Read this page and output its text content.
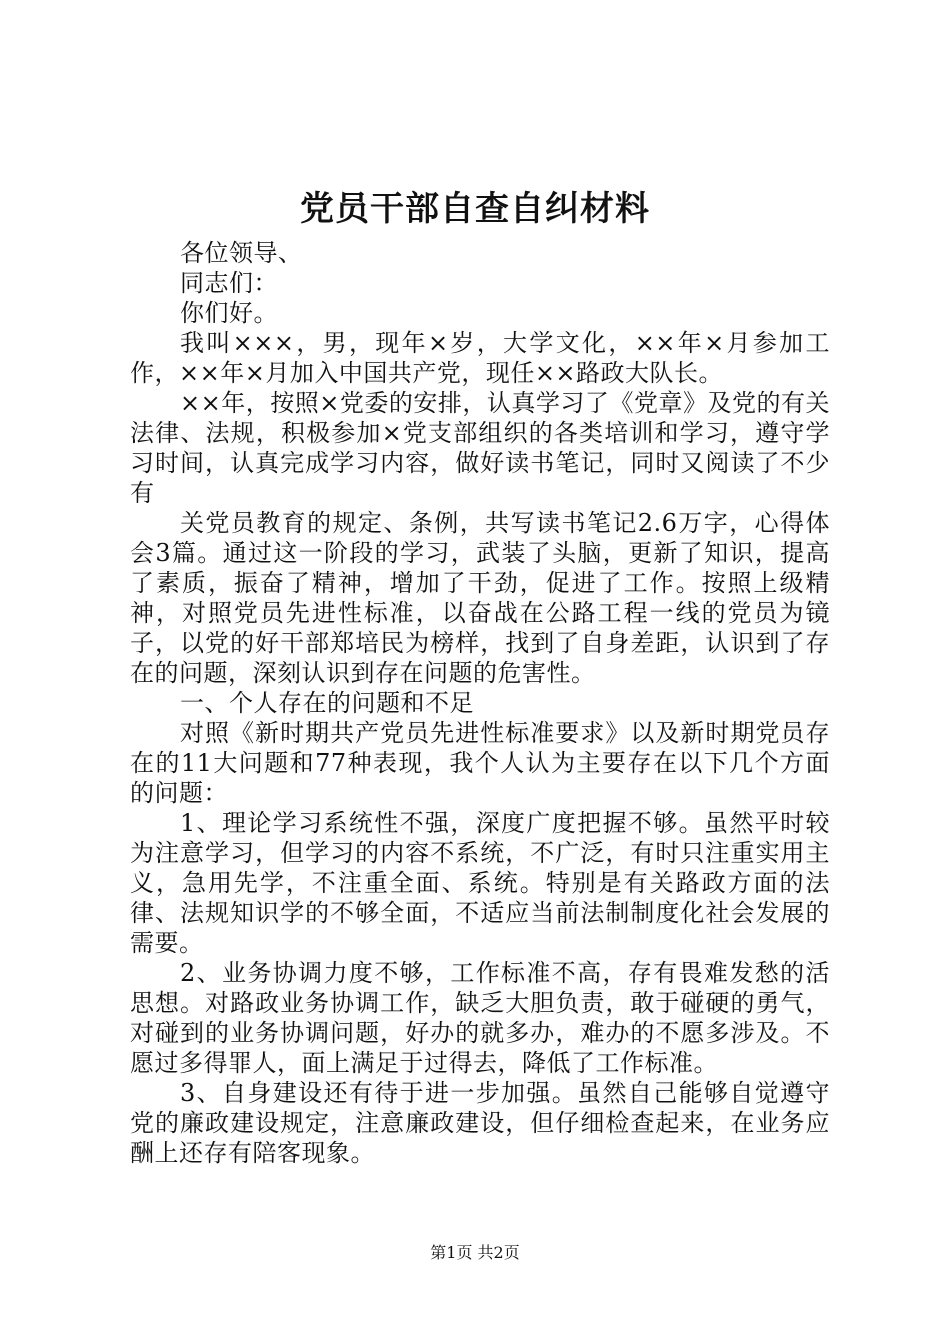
党员干部自查自纠材料

各位领导、

同志们：

你们好。

我叫×××，男，现年×岁，大学文化，××年×月参加工作，××年×月加入中国共产党，现任××路政大队长。

××年，按照×党委的安排，认真学习了《党章》及党的有关法律、法规，积极参加×党支部组织的各类培训和学习，遵守学习时间，认真完成学习内容，做好读书笔记，同时又阅读了不少有

关党员教育的规定、条例，共写读书笔记2.6万字，心得体会3篇。通过这一阶段的学习，武装了头脑，更新了知识，提高了素质，振奋了精神，增加了干劲，促进了工作。按照上级精神，对照党员先进性标准，以奋战在公路工程一线的党员为镜子，以党的好干部郑培民为榜样，找到了自身差距，认识到了存在的问题，深刻认识到存在问题的危害性。

一、个人存在的问题和不足

对照《新时期共产党员先进性标准要求》以及新时期党员存在的11大问题和77种表现，我个人认为主要存在以下几个方面的问题：

1、理论学习系统性不强，深度广度把握不够。虽然平时较为注意学习，但学习的内容不系统，不广泛，有时只注重实用主义，急用先学，不注重全面、系统。特别是有关路政方面的法律、法规知识学的不够全面，不适应当前法制制度化社会发展的需要。

2、业务协调力度不够，工作标准不高，存有畏难发愁的活思想。对路政业务协调工作，缺乏大胆负责，敢于碰硬的勇气，对碰到的业务协调问题，好办的就多办，难办的不愿多涉及。不愿过多得罪人，面上满足于过得去，降低了工作标准。

3、自身建设还有待于进一步加强。虽然自己能够自觉遵守党的廉政建设规定，注意廉政建设，但仔细检查起来，在业务应酬上还存有陪客现象。

第1页 共2页
